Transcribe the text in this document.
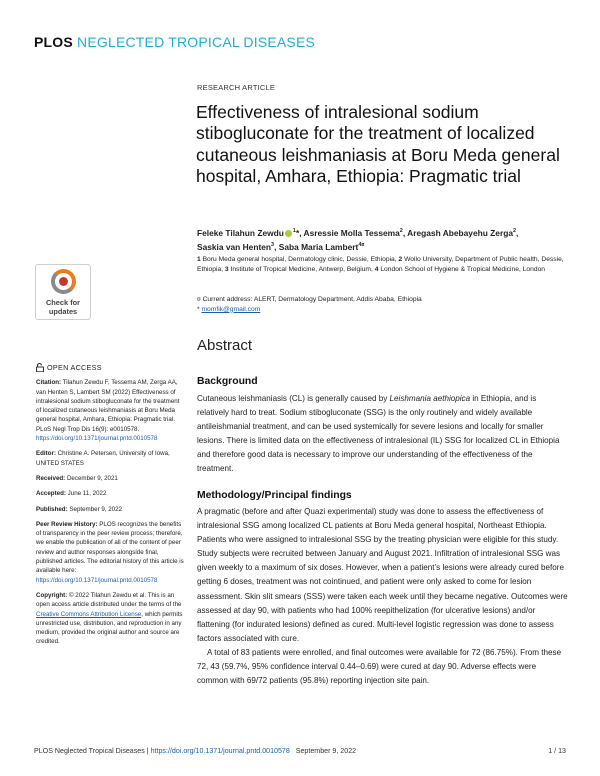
PLOS NEGLECTED TROPICAL DISEASES
RESEARCH ARTICLE
Effectiveness of intralesional sodium stibogluconate for the treatment of localized cutaneous leishmaniasis at Boru Meda general hospital, Amhara, Ethiopia: Pragmatic trial
Feleke Tilahun Zewdu $^1$*, Asressie Molla Tessema$^2$, Aregash Abebayehu Zerga$^2$,
Saskia van Henten$^3$, Saba Maria Lambert$^{4¤}$
1 Boru Meda general hospital, Dermatology clinic, Dessie, Ethiopia, 2 Wollo University, Department of Public health, Dessie, Ethiopia, 3 Institute of Tropical Medicine, Antwerp, Belgium, 4 London School of Hygiene & Tropical Medicine, London
¤ Current address: ALERT, Dermatology Department, Addis Ababa, Ethiopia
* momfik@gmail.com
Check for
updates
OPEN ACCESS

Citation: Tilahun Zewdu F, Tessema AM, Zerga AA, van Henten S, Lambert SM (2022) Effectiveness of intralesional sodium stibogluconate for the treatment of localized cutaneous leishmaniasis at Boru Meda general hospital, Amhara, Ethiopia: Pragmatic trial. PLoS Negl Trop Dis 16(9): e0010578. https://doi.org/10.1371/journal.pntd.0010578

Editor: Christine A. Petersen, University of Iowa, UNITED STATES

Received: December 9, 2021

Accepted: June 11, 2022

Published: September 9, 2022

Peer Review History: PLOS recognizes the benefits of transparency in the peer review process; therefore, we enable the publication of all of the content of peer review and author responses alongside final, published articles. The editorial history of this article is available here: https://doi.org/10.1371/journal.pntd.0010578

Copyright: © 2022 Tilahun Zewdu et al. This is an open access article distributed under the terms of the Creative Commons Attribution License, which permits unrestricted use, distribution, and reproduction in any medium, provided the original author and source are credited.

Abstract
Background
Cutaneous leishmaniasis (CL) is generally caused by Leishmania aethiopica in Ethiopia, and is relatively hard to treat. Sodium stibogluconate (SSG) is the only routinely and widely available antileishmanial treatment, and can be used systemically for severe lesions and locally for smaller lesions. There is limited data on the effectiveness of intralesional (IL) SSG for localized CL in Ethiopia and therefore good data is necessary to improve our understanding of the effectiveness of the treatment.
Methodology/Principal findings
A pragmatic (before and after Quazi experimental) study was done to assess the effectiveness of intralesional SSG among localized CL patients at Boru Meda general hospital, Northeast Ethiopia. Patients who were assigned to intralesional SSG by the treating physician were eligible for this study. Study subjects were recruited between January and August 2021. Infiltration of intralesional SSG was given weekly to a maximum of six doses. However, when a patient’s lesions were already cured before getting 6 doses, treatment was not cointinued, and patient were only asked to come for lesion assessment. Skin slit smears (SSS) were taken each week until they became negative. Outcomes were assessed at day 90, with patients who had 100% reepithelization (for ulcerative lesions) and/or flattening (for indurated lesions) defined as cured. Multi-level logistic regression was done to assess factors associated with cure.
A total of 83 patients were enrolled, and final outcomes were available for 72 (86.75%). From these 72, 43 (59.7%, 95% confidence interval 0.44–0.69) were cured at day 90. Adverse effects were common with 69/72 patients (95.8%) reporting injection site pain.
PLOS Neglected Tropical Diseases | https://doi.org/10.1371/journal.pntd.0010578 September 9, 2022	1 / 13
